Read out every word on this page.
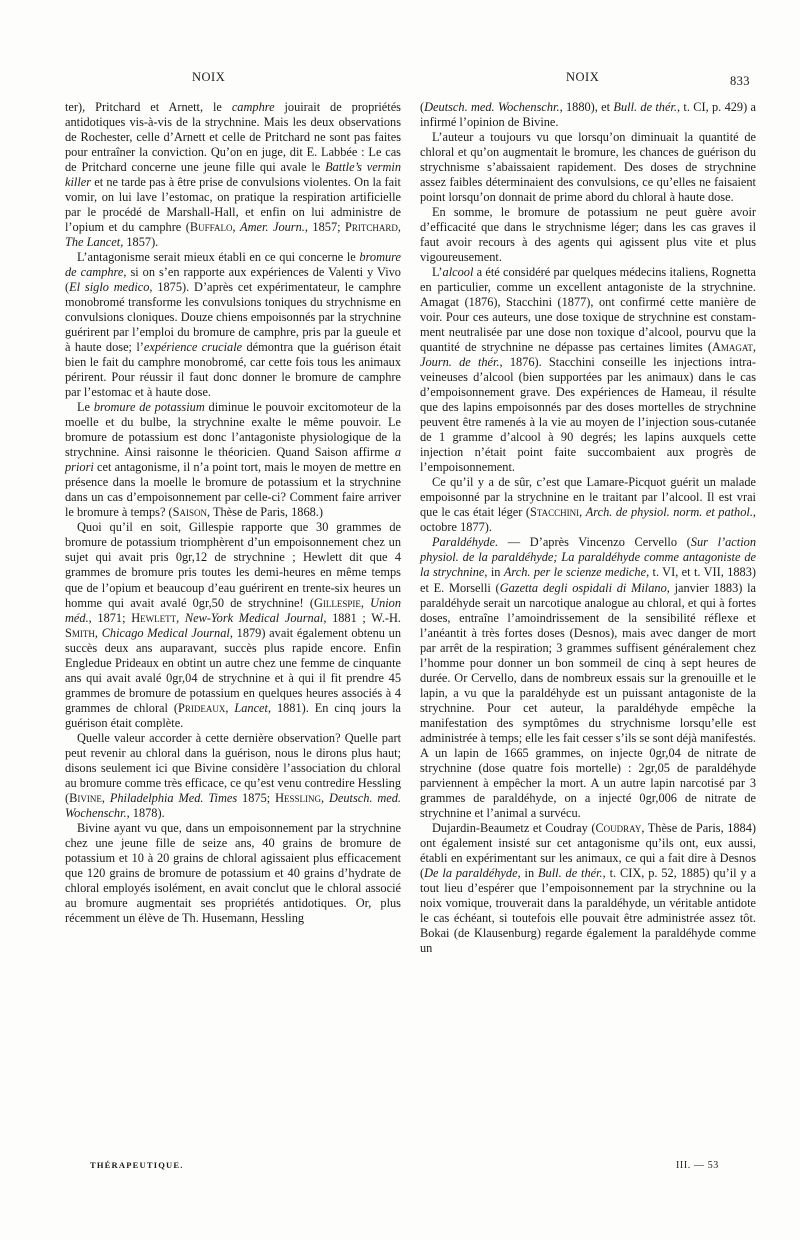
NOIX	NOIX	833

ter), Pritchard et Arnett, le camphre jouirait de propriétés antidotiques vis-à-vis de la strychnine. Mais les deux observations de Rochester, celle d’Arnett et celle de Pritchard ne sont pas faites pour entraîner la conviction. Qu’on en juge, dit E. Labbée : Le cas de Pritchard concerne une jeune fille qui avale le Battle’s vermin killer et ne tarde pas à être prise de convulsions violentes. On la fait vomir, on lui lave l’estomac, on pratique la respiration artificielle par le procédé de Marshall-Hall, et enfin on lui administre de l’opium et du camphre (Buffalo, Amer. Journ., 1857; Pritchard, The Lancet, 1857).

L’antagonisme serait mieux établi en ce qui concerne le bromure de camphre, si on s’en rapporte aux expériences de Valenti y Vivo (El siglo medico, 1875). D’après cet expérimentateur, le camphre monobromé transforme les convulsions toniques du strychnisme en convulsions cloniques. Douze chiens empoisonnés par la strychnine guérirent par l’emploi du bromure de camphre, pris par la gueule et à haute dose; l’expérience cruciale démontra que la guérison était bien le fait du camphre monobromé, car cette fois tous les animaux périrent. Pour réussir il faut donc donner le bromure de camphre par l’estomac et à haute dose.

Le bromure de potassium diminue le pouvoir excitomoteur de la moelle et du bulbe, la strychnine exalte le même pouvoir. Le bromure de potassium est donc l’antagoniste physiologique de la strychnine. Ainsi raisonne le théoricien. Quand Saison affirme a priori cet antagonisme, il n’a point tort, mais le moyen de mettre en présence dans la moelle le bromure de potassium et la strychnine dans un cas d’empoisonnement par celle-ci? Comment faire arriver le bromure à temps? (Saison, Thèse de Paris, 1868.)

Quoi qu’il en soit, Gillespie rapporte que 30 grammes de bromure de potassium triomphèrent d’un empoisonnement chez un sujet qui avait pris 0gr,12 de strychnine ; Hewlett dit que 4 grammes de bromure pris toutes les demi-heures en même temps que de l’opium et beaucoup d’eau guérirent en trente-six heures un homme qui avait avalé 0gr,50 de strychnine! (Gillespie, Union méd., 1871; Hewlett, New-York Medical Journal, 1881 ; W.-H. Smith, Chicago Medical Journal, 1879) avait également obtenu un succès deux ans auparavant, succès plus rapide encore. Enfin Engledue Prideaux en obtint un autre chez une femme de cinquante ans qui avait avalé 0gr,04 de strychnine et à qui il fit prendre 45 grammes de bromure de potassium en quelques heures associés à 4 grammes de chloral (Prideaux, Lancet, 1881). En cinq jours la guérison était complète.

Quelle valeur accorder à cette dernière observation? Quelle part peut revenir au chloral dans la guérison, nous le dirons plus haut; disons seulement ici que Bivine considère l’association du chloral au bromure comme très efficace, ce qu’est venu contredire Hessling (Bivine, Philadelphia Med. Times 1875; Hessling, Deutsch. med. Wochenschr., 1878).

Bivine ayant vu que, dans un empoisonnement par la strychnine chez une jeune fille de seize ans, 40 grains de bromure de potassium et 10 à 20 grains de chloral agissaient plus efficacement que 120 grains de bromure de potassium et 40 grains d’hydrate de chloral employés isolément, en avait conclut que le chloral associé au bromure augmentait ses propriétés antidotiques. Or, plus récemment un élève de Th. Husemann, Hessling

(Deutsch. med. Wochenschr., 1880), et Bull. de thér., t. CI, p. 429) a infirmé l’opinion de Bivine.

L’auteur a toujours vu que lorsqu’on diminuait la quantité de chloral et qu’on augmentait le bromure, les chances de guérison du strychnisme s’abaissaient rapidement. Des doses de strychnine assez faibles déterminaient des convulsions, ce qu’elles ne faisaient point lorsqu’on donnait de prime abord du chloral à haute dose.

En somme, le bromure de potassium ne peut guère avoir d’efficacité que dans le strychnisme léger; dans les cas graves il faut avoir recours à des agents qui agissent plus vite et plus vigoureusement.

L’alcool a été considéré par quelques médecins italiens, Rognetta en particulier, comme un excellent antagoniste de la strychnine. Amagat (1876), Stacchini (1877), ont confirmé cette manière de voir. Pour ces auteurs, une dose toxique de strychnine est constamment neutralisée par une dose non toxique d’alcool, pourvu que la quantité de strychnine ne dépasse pas certaines limites (Amagat, Journ. de thér., 1876). Stacchini conseille les injections intra-veineuses d’alcool (bien supportées par les animaux) dans le cas d’empoisonnement grave. Des expériences de Hameau, il résulte que des lapins empoisonnés par des doses mortelles de strychnine peuvent être ramenés à la vie au moyen de l’injection sous-cutanée de 1 gramme d’alcool à 90 degrés; les lapins auxquels cette injection n’était point faite succombaient aux progrès de l’empoisonnement.

Ce qu’il y a de sûr, c’est que Lamare-Picquot guérit un malade empoisonné par la strychnine en le traitant par l’alcool. Il est vrai que le cas était léger (Stacchini, Arch. de physiol. norm. et pathol., octobre 1877).

Paraldéhyde. — D’après Vincenzo Cervello (Sur l’action physiol. de la paraldéhyde; La paraldéhyde comme antagoniste de la strychnine, in Arch. per le scienze mediche, t. VI, et t. VII, 1883) et E. Morselli (Gazetta degli ospidali di Milano, janvier 1883) la paraldéhyde serait un narcotique analogue au chloral, et qui à fortes doses, entraîne l’amoindrissement de la sensibilité réflexe et l’anéantit à très fortes doses (Desnos), mais avec danger de mort par arrêt de la respiration; 3 grammes suffisent généralement chez l’homme pour donner un bon sommeil de cinq à sept heures de durée. Or Cervello, dans de nombreux essais sur la grenouille et le lapin, a vu que la paraldéhyde est un puissant antagoniste de la strychnine. Pour cet auteur, la paraldéhyde empêche la manifestation des symptômes du strychnisme lorsqu’elle est administrée à temps; elle les fait cesser s’ils se sont déjà manifestés. A un lapin de 1665 grammes, on injecte 0gr,04 de nitrate de strychnine (dose quatre fois mortelle) : 2gr,05 de paraldéhyde parviennent à empêcher la mort. A un autre lapin narcotisé par 3 grammes de paraldéhyde, on a injecté 0gr,006 de nitrate de strychnine et l’animal a survécu.

Dujardin-Beaumetz et Coudray (Coudray, Thèse de Paris, 1884) ont également insisté sur cet antagonisme qu’ils ont, eux aussi, établi en expérimentant sur les animaux, ce qui a fait dire à Desnos (De la paraldéhyde, in Bull. de thér., t. CIX, p. 52, 1885) qu’il y a tout lieu d’espérer que l’empoisonnement par la strychnine ou la noix vomique, trouverait dans la paraldéhyde, un véritable antidote le cas échéant, si toutefois elle pouvait être administrée assez tôt. Bokai (de Klausenburg) regarde également la paraldéhyde comme un

THÉRAPEUTIQUE.	III. — 53
